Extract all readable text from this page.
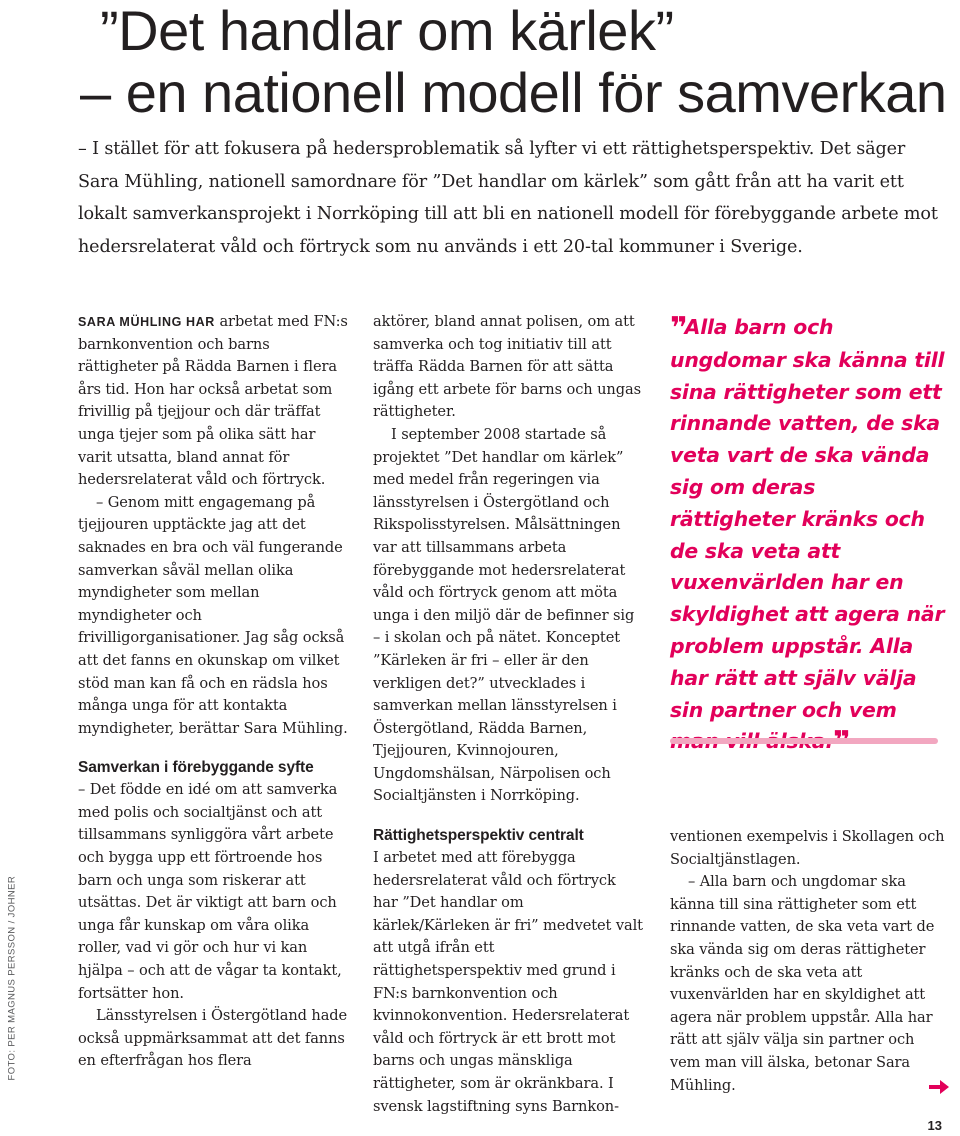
”Det handlar om kärlek”
– en nationell modell för samverkan

– I stället för att fokusera på hedersproblematik så lyfter vi ett rättighetsperspektiv. Det säger Sara Mühling, nationell samordnare för ”Det handlar om kärlek” som gått från att ha varit ett lokalt samverkansprojekt i Norrköping till att bli en nationell modell för förebyggande arbete mot hedersrelaterat våld och förtryck som nu används i ett 20-tal kommuner i Sverige.

SARA MÜHLING HAR arbetat med FN:s barnkonvention och barns rättigheter på Rädda Barnen i flera års tid. Hon har också arbetat som frivillig på tjejjour och där träffat unga tjejer som på olika sätt har varit utsatta, bland annat för hedersrelaterat våld och förtryck.

– Genom mitt engagemang på tjejjouren upptäckte jag att det saknades en bra och väl fungerande samverkan såväl mellan olika myndigheter som mellan myndigheter och frivilligorganisationer. Jag såg också att det fanns en okunskap om vilket stöd man kan få och en rädsla hos många unga för att kontakta myndigheter, berättar Sara Mühling.

Samverkan i förebyggande syfte

– Det födde en idé om att samverka med polis och socialtjänst och att tillsammans synliggöra vårt arbete och bygga upp ett förtroende hos barn och unga som riskerar att utsättas. Det är viktigt att barn och unga får kunskap om våra olika roller, vad vi gör och hur vi kan hjälpa – och att de vågar ta kontakt, fortsätter hon.

Länsstyrelsen i Östergötland hade också uppmärksammat att det fanns en efterfrågan hos flera

aktörer, bland annat polisen, om att samverka och tog initiativ till att träffa Rädda Barnen för att sätta igång ett arbete för barns och ungas rättigheter.

I september 2008 startade så projektet ”Det handlar om kärlek” med medel från regeringen via länsstyrelsen i Östergötland och Rikspolisstyrelsen. Målsättningen var att tillsammans arbeta förebyggande mot hedersrelaterat våld och förtryck genom att möta unga i den miljö där de befinner sig – i skolan och på nätet. Konceptet ”Kärleken är fri – eller är den verkligen det?” utvecklades i samverkan mellan länsstyrelsen i Östergötland, Rädda Barnen, Tjejjouren, Kvinnojouren, Ungdomshälsan, Närpolisen och Socialtjänsten i Norrköping.

Rättighetsperspektiv centralt

I arbetet med att förebygga hedersrelaterat våld och förtryck har ”Det handlar om kärlek/Kärleken är fri” medvetet valt att utgå ifrån ett rättighetsperspektiv med grund i FN:s barnkonvention och kvinnokonvention. Hedersrelaterat våld och förtryck är ett brott mot barns och ungas mänskliga rättigheter, som är okränkbara. I svensk lagstiftning syns Barnkon-

❞Alla barn och ungdomar ska känna till sina rättigheter som ett rinnande vatten, de ska veta vart de ska vända sig om deras rättigheter kränks och de ska veta att vuxenvärlden har en skyldighet att agera när problem uppstår. Alla har rätt att själv välja sin partner och vem

ventionen exempelvis i Skollagen och Socialtjänstlagen.

– Alla barn och ungdomar ska känna till sina rättigheter som ett rinnande vatten, de ska veta vart de ska vända sig om deras rättigheter kränks och de ska veta att vuxenvärlden har en skyldighet att agera när problem uppstår. Alla har rätt att själv välja sin partner och vem man vill älska, betonar Sara Mühling.

FOTO: PER MAGNUS PERSSON / JOHNER
13
